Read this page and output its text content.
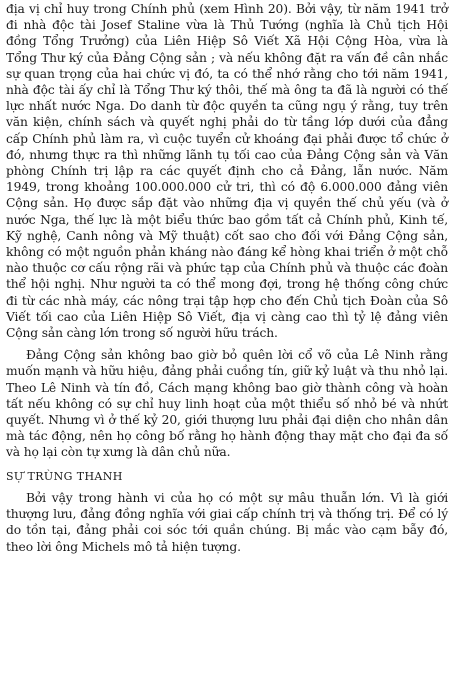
địa vị chỉ huy trong Chính phủ (xem Hình 20). Bởi vậy, từ năm 1941 trở đi nhà độc tài Josef Staline vừa là Thủ Tướng (nghĩa là Chủ tịch Hội đồng Tổng Trưởng) của Liên Hiệp Sô Viết Xã Hội Cộng Hòa, vừa là Tổng Thư ký của Đảng Cộng sản ; và nếu không đặt ra vấn đề cân nhắc sự quan trọng của hai chức vị đó, ta có thể nhớ rằng cho tới năm 1941, nhà độc tài ấy chỉ là Tổng Thư ký thôi, thế mà ông ta đã là người có thế lực nhất nước Nga. Do danh từ độc quyền ta cũng ngụ ý rằng, tuy trên văn kiện, chính sách và quyết nghị phải do từ tầng lớp dưới của đẳng cấp Chính phủ làm ra, vì cuộc tuyển cử khoáng đại phải được tổ chức ở đó, nhưng thực ra thì những lãnh tụ tối cao của Đảng Cộng sản và Văn phòng Chính trị lập ra các quyết định cho cả Đảng, lẫn nước. Năm 1949, trong khoảng 100.000.000 cử tri, thì có độ 6.000.000 đảng viên Cộng sản. Họ được sắp đặt vào những địa vị quyền thế chủ yếu (và ở nước Nga, thế lực là một biểu thức bao gồm tất cả Chính phủ, Kinh tế, Kỹ nghệ, Canh nông và Mỹ thuật) cốt sao cho đối với Đảng Cộng sản, không có một nguồn phản kháng nào đáng kể hòng khai triển ở một chỗ nào thuộc cơ cấu rộng rãi và phức tạp của Chính phủ và thuộc các đoàn thể hội nghị. Như người ta có thể mong đợi, trong hệ thống công chức đi từ các nhà máy, các nông trại tập hợp cho đến Chủ tịch Đoàn của Sô Viết tối cao của Liên Hiệp Sô Viết, địa vị càng cao thì tỷ lệ đảng viên Cộng sản càng lớn trong số người hữu trách.

Đảng Cộng sản không bao giờ bỏ quên lời cổ võ của Lê Ninh rằng muốn mạnh và hữu hiệu, đảng phải cuồng tín, giữ kỷ luật và thu nhỏ lại. Theo Lê Ninh và tín đồ, Cách mạng không bao giờ thành công và hoàn tất nếu không có sự chỉ huy linh hoạt của một thiểu số nhỏ bé và nhứt quyết. Nhưng vì ở thế kỷ 20, giới thượng lưu phải đại diện cho nhân dân mà tác động, nên họ công bố rằng họ hành động thay mặt cho đại đa số và họ lại còn tự xưng là dân chủ nữa.

SỰ TRÙNG THANH

Bởi vậy trong hành vi của họ có một sự mâu thuẫn lớn. Vì là giới thượng lưu, đảng đồng nghĩa với giai cấp chính trị và thống trị. Để có lý do tồn tại, đảng phải coi sóc tới quần chúng. Bị mắc vào cạm bẫy đó, theo lời ông Michels mô tả hiện tượng.
